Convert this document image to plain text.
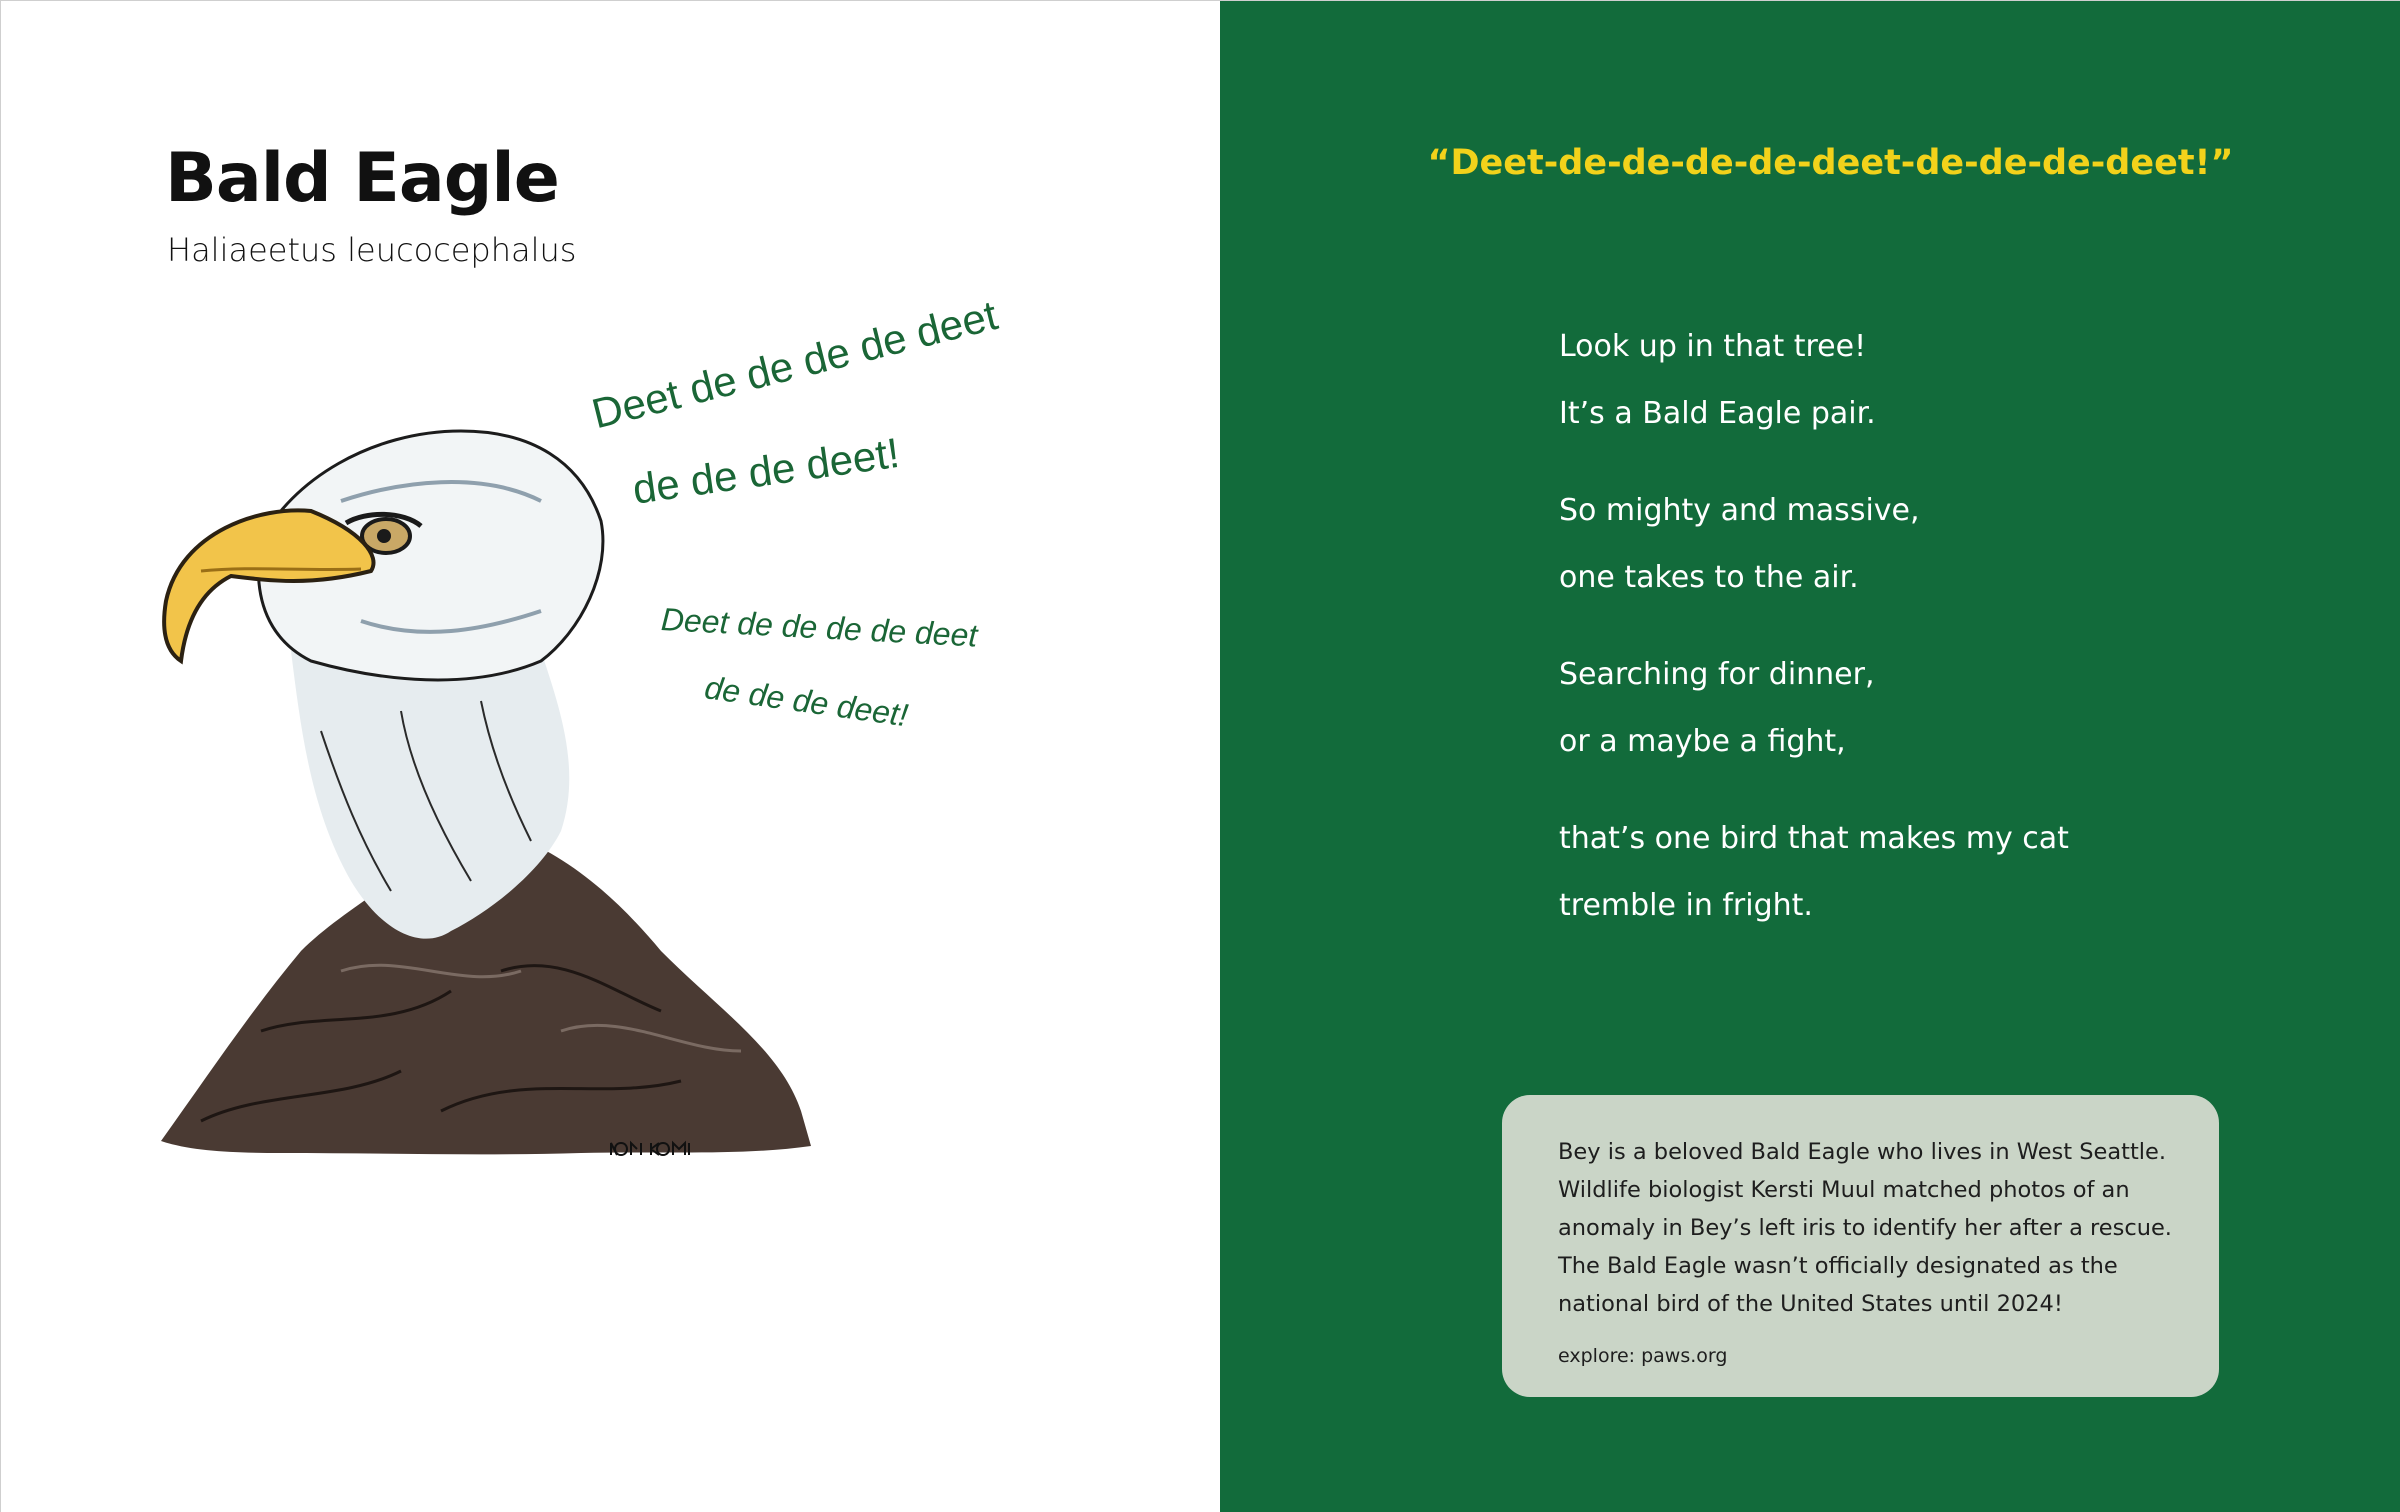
Bald Eagle
Haliaeetus leucocephalus
Deet de de de de deet
de de de deet!
Deet de de de de deet
de de de deet!
“Deet-de-de-de-de-deet-de-de-de-deet!”
Look up in that tree!
It’s a Bald Eagle pair.
So mighty and massive,
one takes to the air.
Searching for dinner,
or a maybe a fight,
that’s one bird that makes my cat
tremble in fright.

Bey is a beloved Bald Eagle who lives in West Seattle.
Wildlife biologist Kersti Muul matched photos of an
anomaly in Bey’s left iris to identify her after a rescue.
The Bald Eagle wasn’t officially designated as the
national bird of the United States until 2024!

explore: paws.org
